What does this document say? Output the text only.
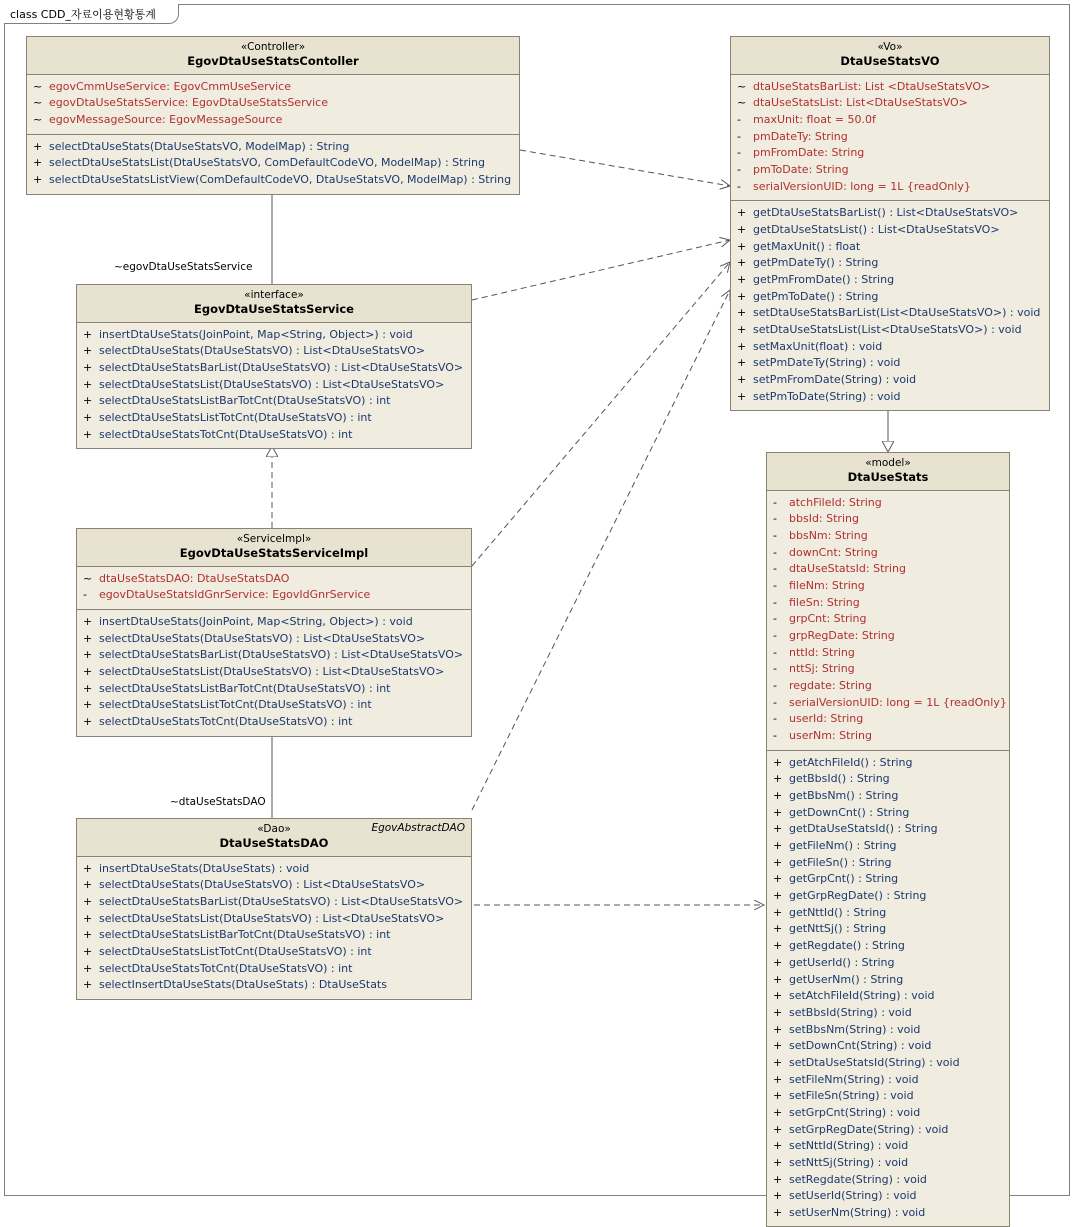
class CDD_자료이용현황통계
~egovDtaUseStatsService
~dtaUseStatsDAO
«Controller»
EgovDtaUseStatsContoller
~ egovCmmUseService: EgovCmmUseService
~ egovDtaUseStatsService: EgovDtaUseStatsService
~ egovMessageSource: EgovMessageSource
+ selectDtaUseStats(DtaUseStatsVO, ModelMap) : String
+ selectDtaUseStatsList(DtaUseStatsVO, ComDefaultCodeVO, ModelMap) : String
+ selectDtaUseStatsListView(ComDefaultCodeVO, DtaUseStatsVO, ModelMap) : String
«interface»
EgovDtaUseStatsService
+ insertDtaUseStats(JoinPoint, Map<String, Object>) : void
+ selectDtaUseStats(DtaUseStatsVO) : List<DtaUseStatsVO>
+ selectDtaUseStatsBarList(DtaUseStatsVO) : List<DtaUseStatsVO>
+ selectDtaUseStatsList(DtaUseStatsVO) : List<DtaUseStatsVO>
+ selectDtaUseStatsListBarTotCnt(DtaUseStatsVO) : int
+ selectDtaUseStatsListTotCnt(DtaUseStatsVO) : int
+ selectDtaUseStatsTotCnt(DtaUseStatsVO) : int
«ServiceImpl»
EgovDtaUseStatsServiceImpl
~ dtaUseStatsDAO: DtaUseStatsDAO
-	egovDtaUseStatsIdGnrService: EgovIdGnrService
+ insertDtaUseStats(JoinPoint, Map<String, Object>) : void
+ selectDtaUseStats(DtaUseStatsVO) : List<DtaUseStatsVO>
+ selectDtaUseStatsBarList(DtaUseStatsVO) : List<DtaUseStatsVO>
+ selectDtaUseStatsList(DtaUseStatsVO) : List<DtaUseStatsVO>
+ selectDtaUseStatsListBarTotCnt(DtaUseStatsVO) : int
+ selectDtaUseStatsListTotCnt(DtaUseStatsVO) : int
+ selectDtaUseStatsTotCnt(DtaUseStatsVO) : int
EgovAbstractDAO
«Dao»
DtaUseStatsDAO
+ insertDtaUseStats(DtaUseStats) : void
+ selectDtaUseStats(DtaUseStatsVO) : List<DtaUseStatsVO>
+ selectDtaUseStatsBarList(DtaUseStatsVO) : List<DtaUseStatsVO>
+ selectDtaUseStatsList(DtaUseStatsVO) : List<DtaUseStatsVO>
+ selectDtaUseStatsListBarTotCnt(DtaUseStatsVO) : int
+ selectDtaUseStatsListTotCnt(DtaUseStatsVO) : int
+ selectDtaUseStatsTotCnt(DtaUseStatsVO) : int
+ selectInsertDtaUseStats(DtaUseStats) : DtaUseStats
«Vo»
DtaUseStatsVO
~ dtaUseStatsBarList: List <DtaUseStatsVO>
~ dtaUseStatsList: List<DtaUseStatsVO>
-	maxUnit: float = 50.0f
-	pmDateTy: String
-	pmFromDate: String
-	pmToDate: String
-	serialVersionUID: long = 1L {readOnly}
+ getDtaUseStatsBarList() : List<DtaUseStatsVO>
+ getDtaUseStatsList() : List<DtaUseStatsVO>
+ getMaxUnit() : float
+ getPmDateTy() : String
+ getPmFromDate() : String
+ getPmToDate() : String
+ setDtaUseStatsBarList(List<DtaUseStatsVO>) : void
+ setDtaUseStatsList(List<DtaUseStatsVO>) : void
+ setMaxUnit(float) : void
+ setPmDateTy(String) : void
+ setPmFromDate(String) : void
+ setPmToDate(String) : void
«model»
DtaUseStats
-	atchFileId: String
-	bbsId: String
-	bbsNm: String
-	downCnt: String
-	dtaUseStatsId: String
-	fileNm: String
-	fileSn: String
-	grpCnt: String
-	grpRegDate: String
-	nttId: String
-	nttSj: String
-	regdate: String
-	serialVersionUID: long = 1L {readOnly}
-	userId: String
-	userNm: String
+ getAtchFileId() : String
+ getBbsId() : String
+ getBbsNm() : String
+ getDownCnt() : String
+ getDtaUseStatsId() : String
+ getFileNm() : String
+ getFileSn() : String
+ getGrpCnt() : String
+ getGrpRegDate() : String
+ getNttId() : String
+ getNttSj() : String
+ getRegdate() : String
+ getUserId() : String
+ getUserNm() : String
+ setAtchFileId(String) : void
+ setBbsId(String) : void
+ setBbsNm(String) : void
+ setDownCnt(String) : void
+ setDtaUseStatsId(String) : void
+ setFileNm(String) : void
+ setFileSn(String) : void
+ setGrpCnt(String) : void
+ setGrpRegDate(String) : void
+ setNttId(String) : void
+ setNttSj(String) : void
+ setRegdate(String) : void
+ setUserId(String) : void
+ setUserNm(String) : void
